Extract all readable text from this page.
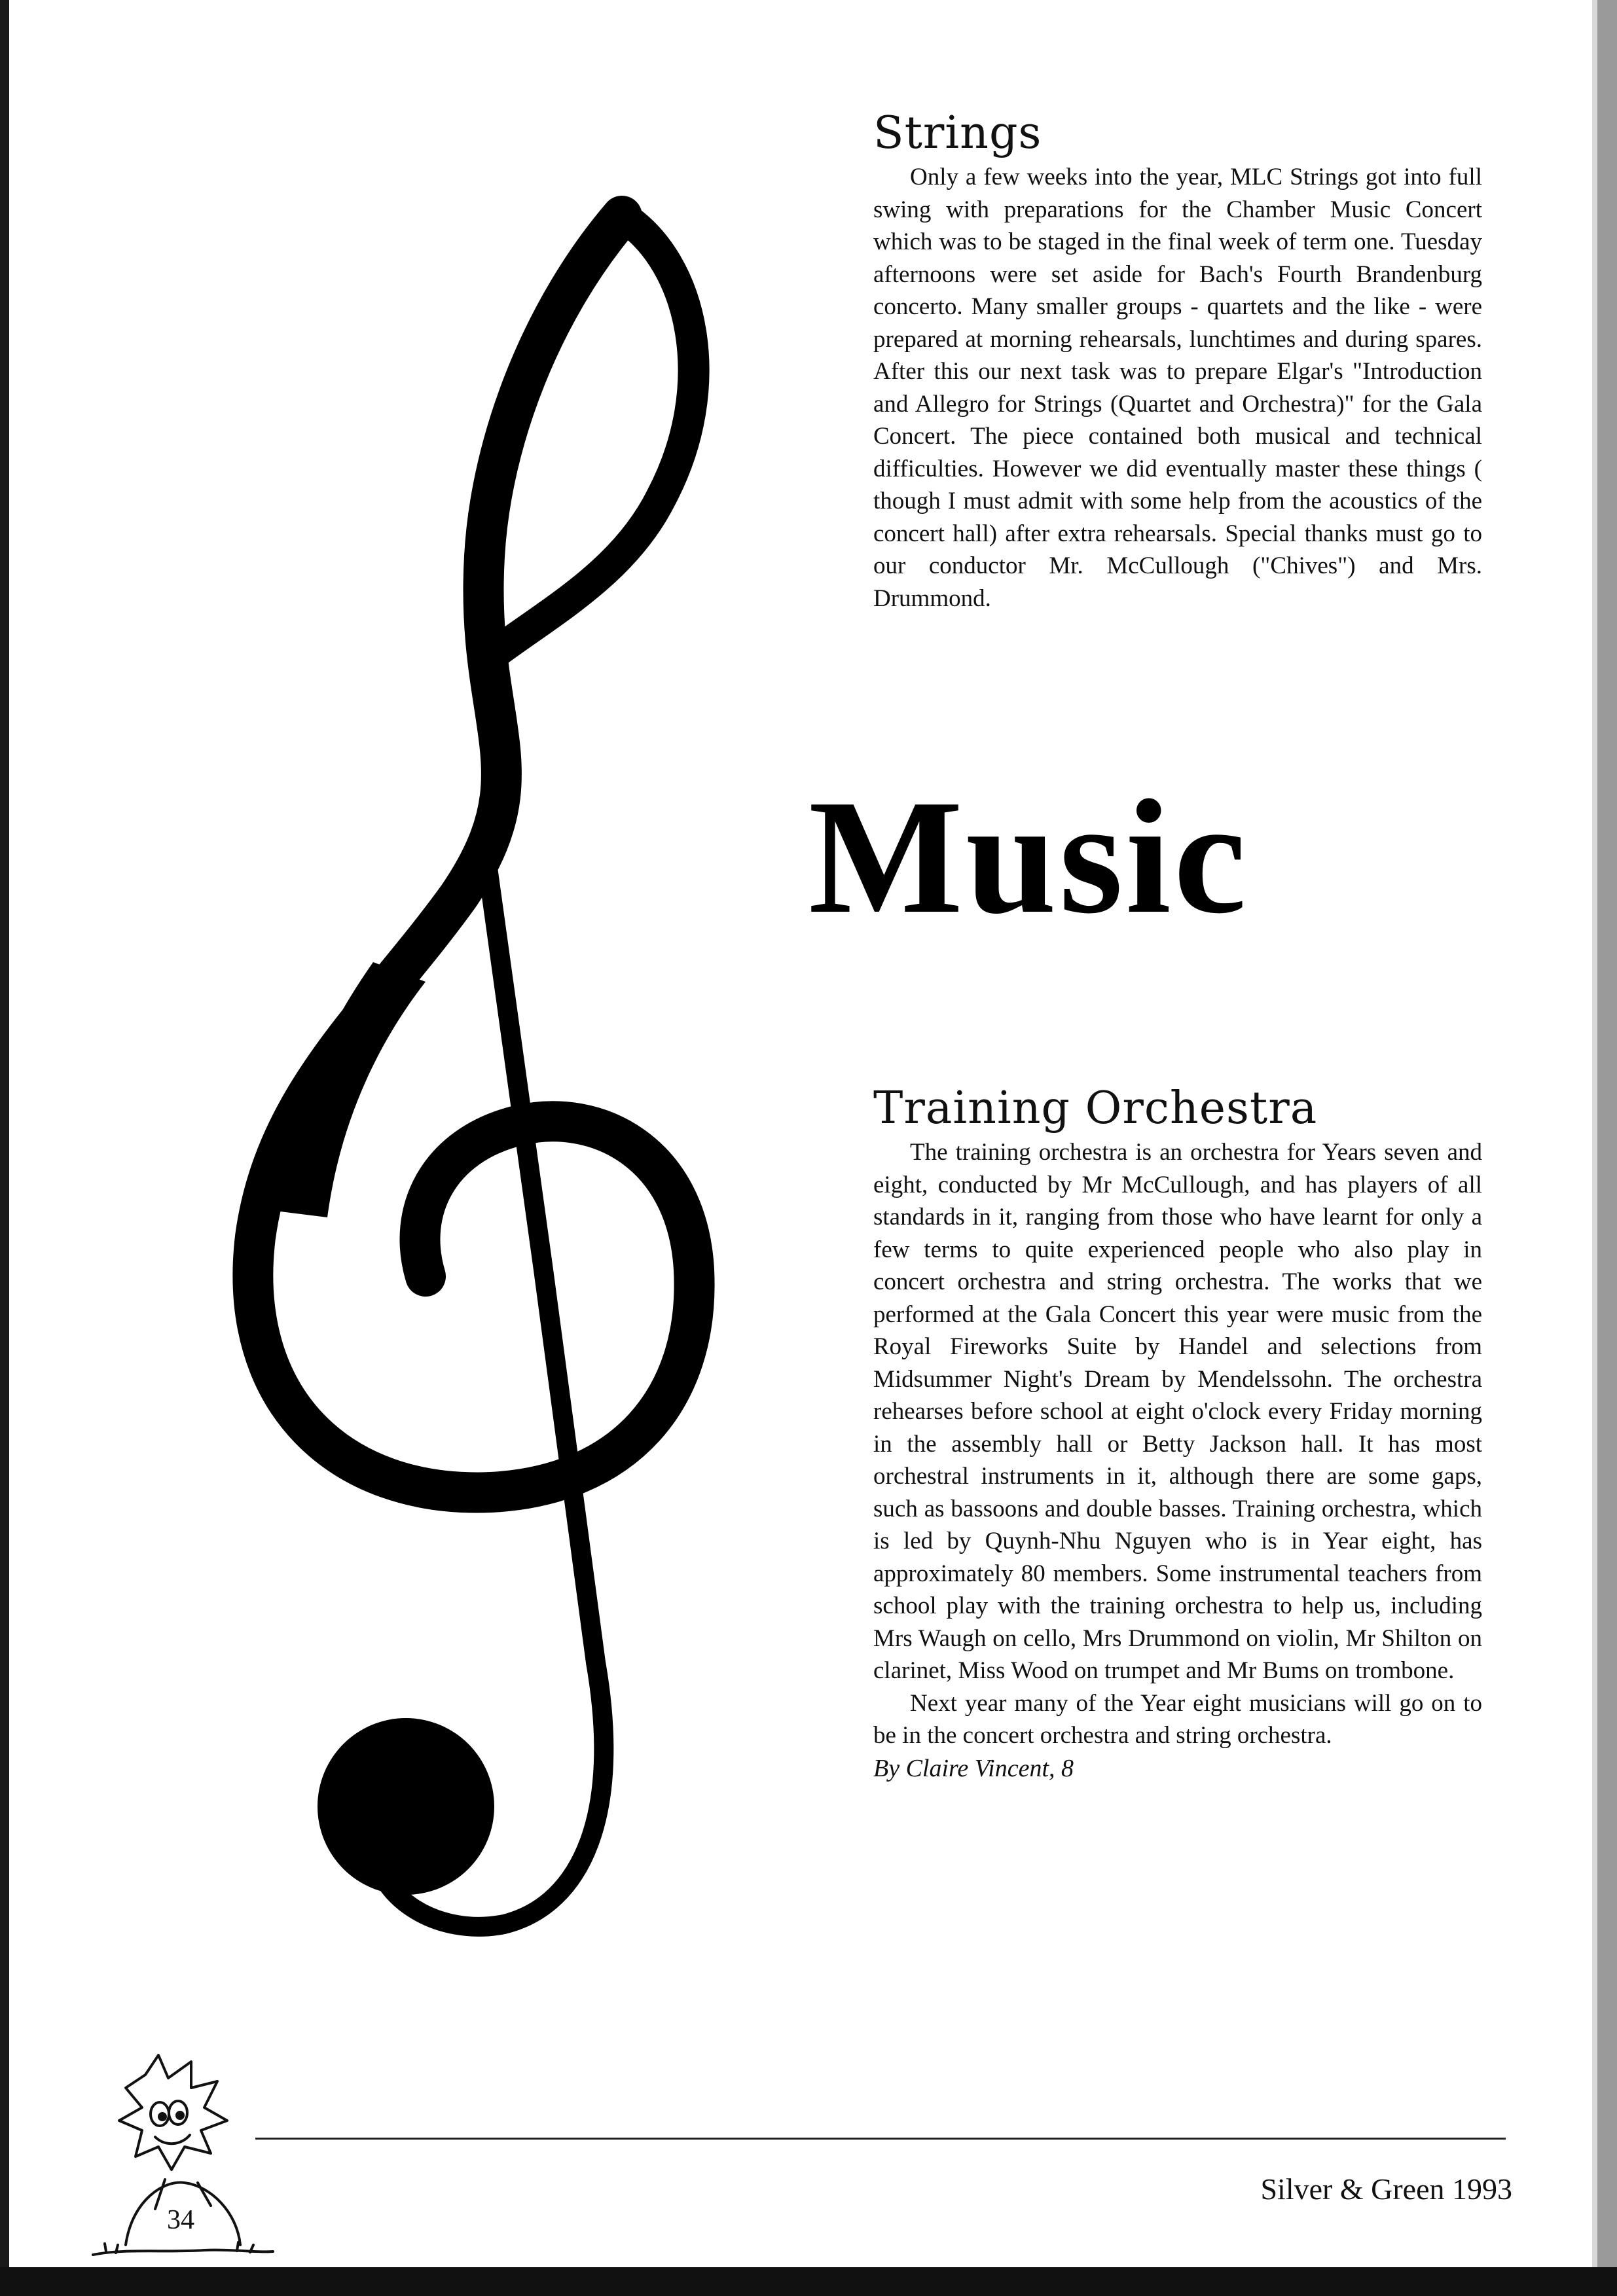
Strings

Only a few weeks into the year, MLC Strings got into full swing with preparations for the Chamber Music Concert which was to be staged in the final week of term one. Tuesday afternoons were set aside for Bach's Fourth Brandenburg concerto. Many smaller groups - quartets and the like - were prepared at morning rehearsals, lunchtimes and during spares. After this our next task was to prepare Elgar's "Introduction and Allegro for Strings (Quartet and Orchestra)" for the Gala Concert. The piece contained both musical and technical difficulties. However we did eventually master these things ( though I must admit with some help from the acoustics of the concert hall) after extra rehearsals. Special thanks must go to our conductor Mr. McCullough ("Chives") and Mrs. Drummond.

Music
Training Orchestra

The training orchestra is an orchestra for Years seven and eight, conducted by Mr McCullough, and has players of all standards in it, ranging from those who have learnt for only a few terms to quite experienced people who also play in concert orchestra and string orchestra. The works that we performed at the Gala Concert this year were music from the Royal Fireworks Suite by Handel and selections from Midsummer Night's Dream by Mendelssohn. The orchestra rehearses before school at eight o'clock every Friday morning in the assembly hall or Betty Jackson hall. It has most orchestral instruments in it, although there are some gaps, such as bassoons and double basses. Training orchestra, which is led by Quynh-Nhu Nguyen who is in Year eight, has approximately 80 members. Some instrumental teachers from school play with the training orchestra to help us, including Mrs Waugh on cello, Mrs Drummond on violin, Mr Shilton on clarinet, Miss Wood on trumpet and Mr Bums on trombone.

Next year many of the Year eight musicians will go on to be in the concert orchestra and string orchestra.

By Claire Vincent, 8

Silver & Green 1993

34
